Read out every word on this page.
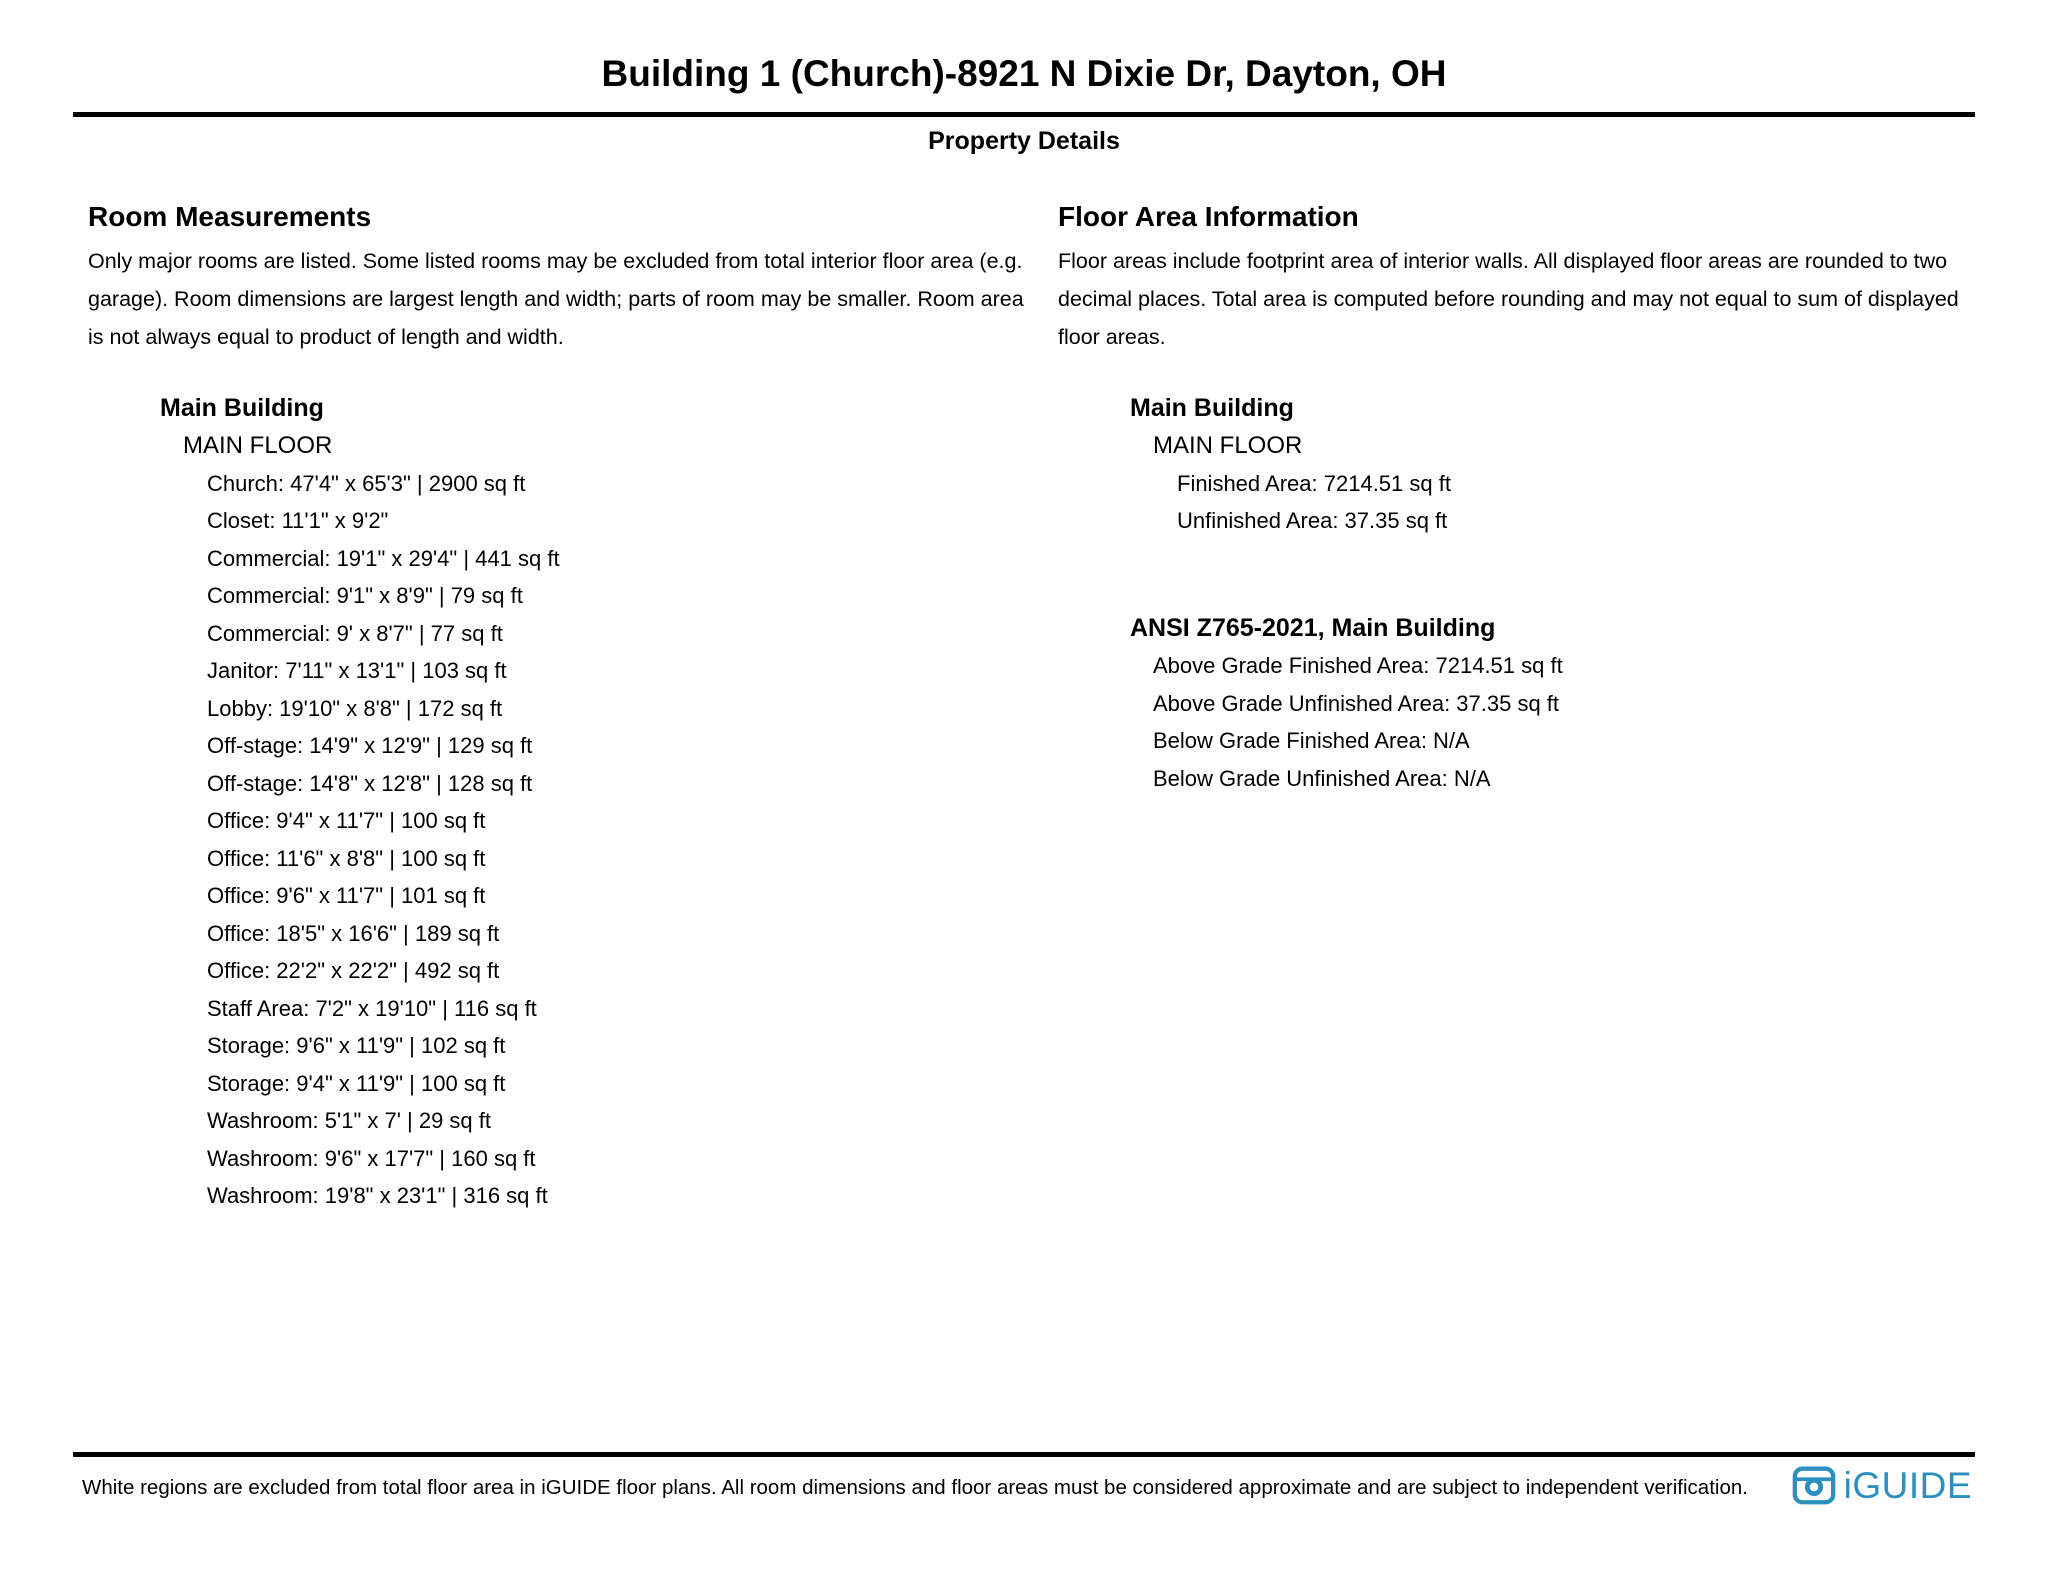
Building 1 (Church)-8921 N Dixie Dr, Dayton, OH
Property Details
Room Measurements
Only major rooms are listed. Some listed rooms may be excluded from total interior floor area (e.g. garage). Room dimensions are largest length and width; parts of room may be smaller. Room area is not always equal to product of length and width.
Main Building
MAIN FLOOR
Church: 47'4" x 65'3" | 2900 sq ft
Closet: 11'1" x 9'2"
Commercial: 19'1" x 29'4" | 441 sq ft
Commercial: 9'1" x 8'9" | 79 sq ft
Commercial: 9' x 8'7" | 77 sq ft
Janitor: 7'11" x 13'1" | 103 sq ft
Lobby: 19'10" x 8'8" | 172 sq ft
Off-stage: 14'9" x 12'9" | 129 sq ft
Off-stage: 14'8" x 12'8" | 128 sq ft
Office: 9'4" x 11'7" | 100 sq ft
Office: 11'6" x 8'8" | 100 sq ft
Office: 9'6" x 11'7" | 101 sq ft
Office: 18'5" x 16'6" | 189 sq ft
Office: 22'2" x 22'2" | 492 sq ft
Staff Area: 7'2" x 19'10" | 116 sq ft
Storage: 9'6" x 11'9" | 102 sq ft
Storage: 9'4" x 11'9" | 100 sq ft
Washroom: 5'1" x 7' | 29 sq ft
Washroom: 9'6" x 17'7" | 160 sq ft
Washroom: 19'8" x 23'1" | 316 sq ft
Floor Area Information
Floor areas include footprint area of interior walls. All displayed floor areas are rounded to two decimal places. Total area is computed before rounding and may not equal to sum of displayed floor areas.
Main Building
MAIN FLOOR
Finished Area: 7214.51 sq ft
Unfinished Area: 37.35 sq ft
ANSI Z765-2021, Main Building
Above Grade Finished Area: 7214.51 sq ft
Above Grade Unfinished Area: 37.35 sq ft
Below Grade Finished Area: N/A
Below Grade Unfinished Area: N/A
White regions are excluded from total floor area in iGUIDE floor plans. All room dimensions and floor areas must be considered approximate and are subject to independent verification.	iGUIDE
